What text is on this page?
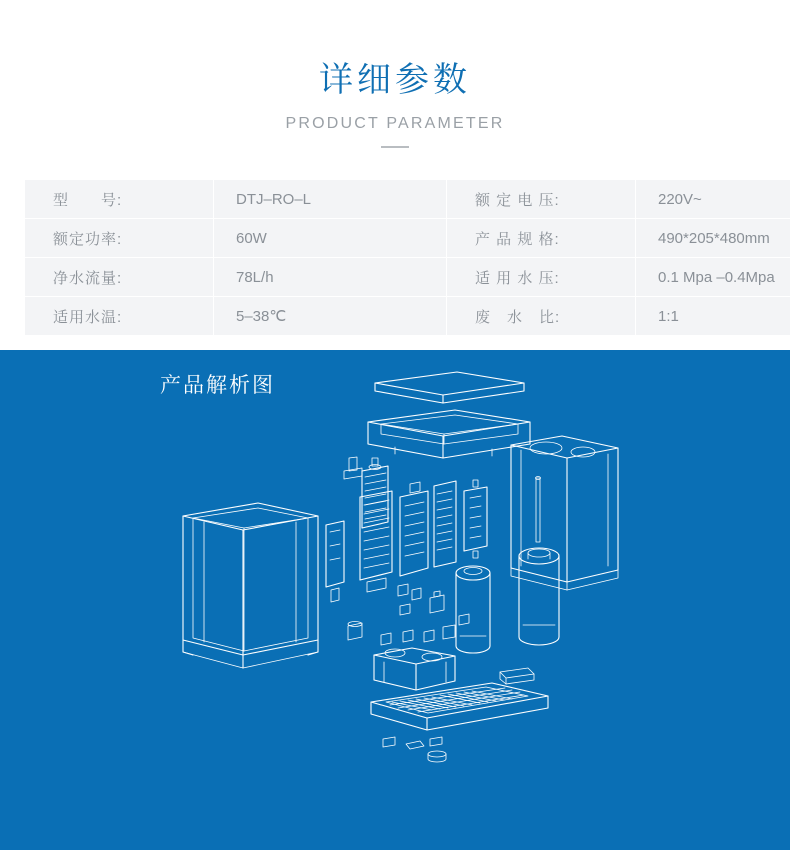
详细参数
PRODUCT PARAMETER
型　　号:	DTJ–RO–L	额 定 电 压:	220V~
额定功率:	60W	产 品 规 格:	490*205*480mm
净水流量:	78L/h	适 用 水 压:	0.1 Mpa –0.4Mpa
适用水温:	5–38℃	废　水　比:	1:1
产品解析图
